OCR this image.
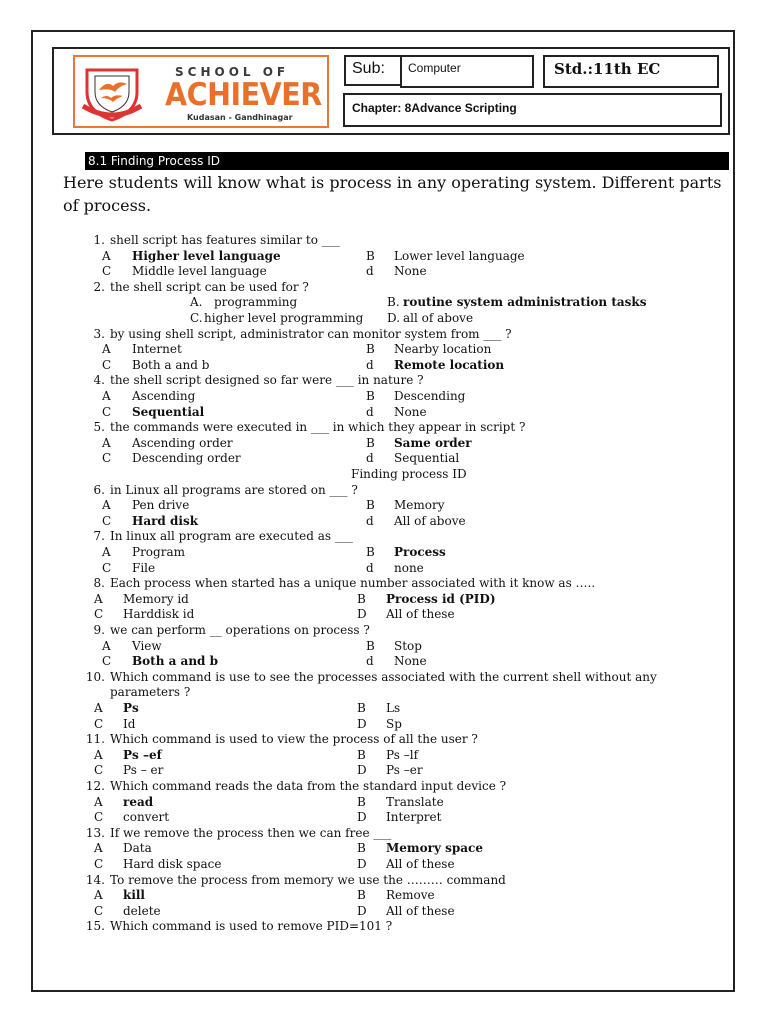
SCHOOL OF
ACHIEVER
Kudasan - Gandhinagar
Sub: Computer	Std.:11th EC
Chapter: 8Advance Scripting
8.1 Finding Process ID
Here students will know what is process in any operating system. Different parts of process.
1. shell script has features similar to ___
A Higher level language	B Lower level language
C Middle level language	d None
2. the shell script can be used for ?
A. programming	B. routine system administration tasks
C. higher level programming D. all of above
3. by using shell script, administrator can monitor system from ___ ?
A Internet	B Nearby location
C Both a and b	d Remote location
4. the shell script designed so far were ___ in nature ?
A Ascending	B Descending
C Sequential	d None
5. the commands were executed in ___ in which they appear in script ?
A Ascending order	B Same order
C Descending order	d Sequential
Finding process ID
6. in Linux all programs are stored on ___ ?
A Pen drive	B Memory
C Hard disk	d All of above
7. In linux all program are executed as ___
A Program	B Process
C File	d none
8. Each process when started has a unique number associated with it know as …..
A Memory id	B Process id (PID)
C Harddisk id	D All of these
9. we can perform __ operations on process ?
A View	B Stop
C Both a and b	d None
10. Which command is use to see the processes associated with the current shell without any
parameters ?
A Ps	B Ls
C Id	D Sp
11. Which command is used to view the process of all the user ?
A Ps –ef	B Ps –lf
C Ps – er	D Ps –er
12. Which command reads the data from the standard input device ?
A read	B Translate
C convert	D Interpret
13. If we remove the process then we can free ___
A Data	B Memory space
C Hard disk space	D All of these
14. To remove the process from memory we use the ……… command
A kill	B Remove
C delete	D All of these
15. Which command is used to remove PID=101 ?
